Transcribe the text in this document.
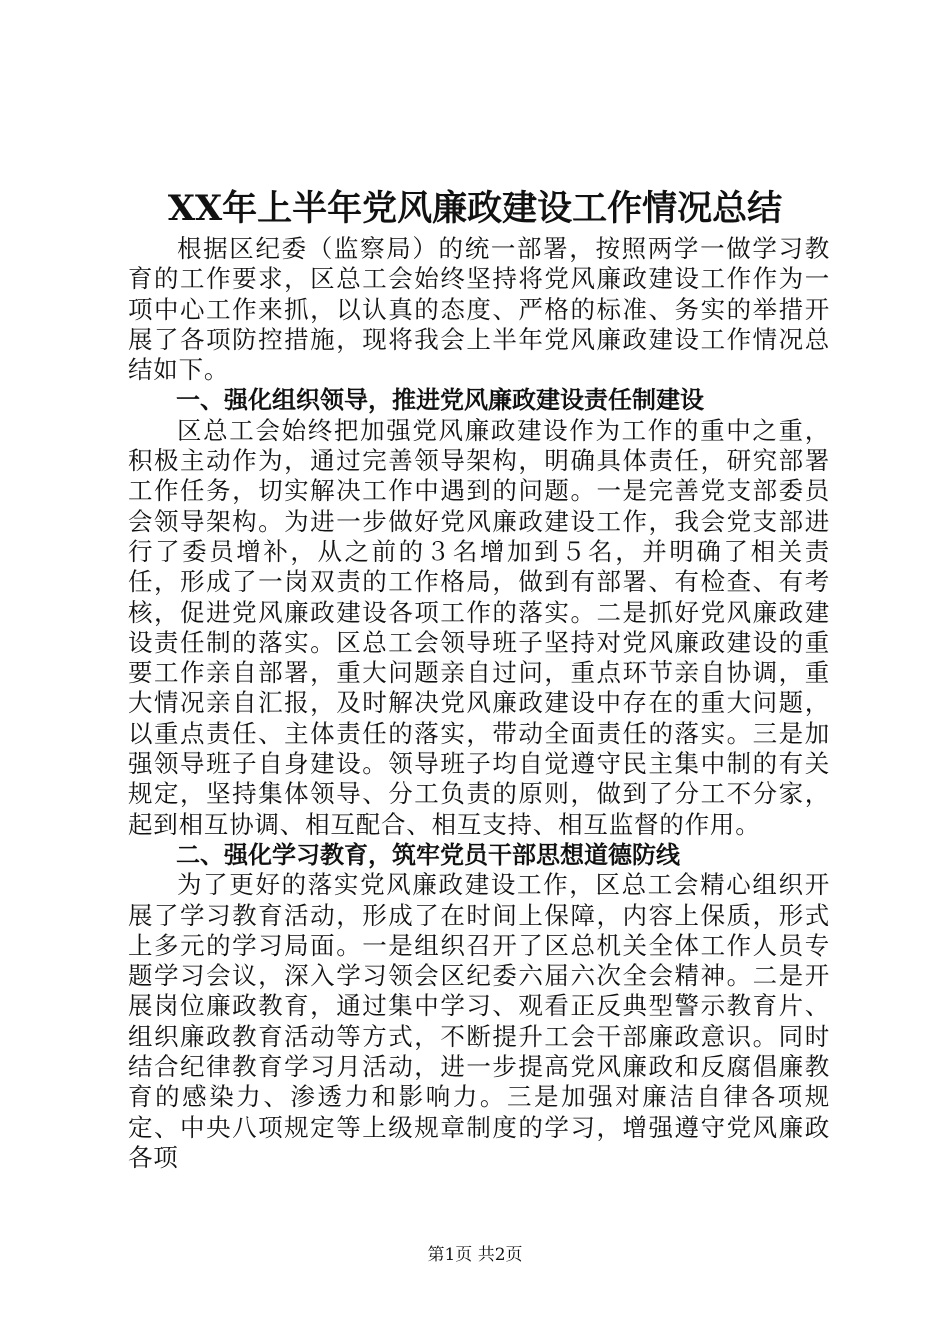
XX年上半年党风廉政建设工作情况总结

根据区纪委（监察局）的统一部署，按照两学一做学习教育的工作要求，区总工会始终坚持将党风廉政建设工作作为一项中心工作来抓，以认真的态度、严格的标准、务实的举措开展了各项防控措施，现将我会上半年党风廉政建设工作情况总结如下。

一、强化组织领导，推进党风廉政建设责任制建设

区总工会始终把加强党风廉政建设作为工作的重中之重，积极主动作为，通过完善领导架构，明确具体责任，研究部署工作任务，切实解决工作中遇到的问题。一是完善党支部委员会领导架构。为进一步做好党风廉政建设工作，我会党支部进行了委员增补，从之前的３名增加到５名，并明确了相关责任，形成了一岗双责的工作格局，做到有部署、有检查、有考核，促进党风廉政建设各项工作的落实。二是抓好党风廉政建设责任制的落实。区总工会领导班子坚持对党风廉政建设的重要工作亲自部署，重大问题亲自过问，重点环节亲自协调，重大情况亲自汇报，及时解决党风廉政建设中存在的重大问题，以重点责任、主体责任的落实，带动全面责任的落实。三是加强领导班子自身建设。领导班子均自觉遵守民主集中制的有关规定，坚持集体领导、分工负责的原则，做到了分工不分家，起到相互协调、相互配合、相互支持、相互监督的作用。

二、强化学习教育，筑牢党员干部思想道德防线

为了更好的落实党风廉政建设工作，区总工会精心组织开展了学习教育活动，形成了在时间上保障，内容上保质，形式上多元的学习局面。一是组织召开了区总机关全体工作人员专题学习会议，深入学习领会区纪委六届六次全会精神。二是开展岗位廉政教育，通过集中学习、观看正反典型警示教育片、组织廉政教育活动等方式，不断提升工会干部廉政意识。同时结合纪律教育学习月活动，进一步提高党风廉政和反腐倡廉教育的感染力、渗透力和影响力。三是加强对廉洁自律各项规定、中央八项规定等上级规章制度的学习，增强遵守党风廉政各项

第1页 共2页
